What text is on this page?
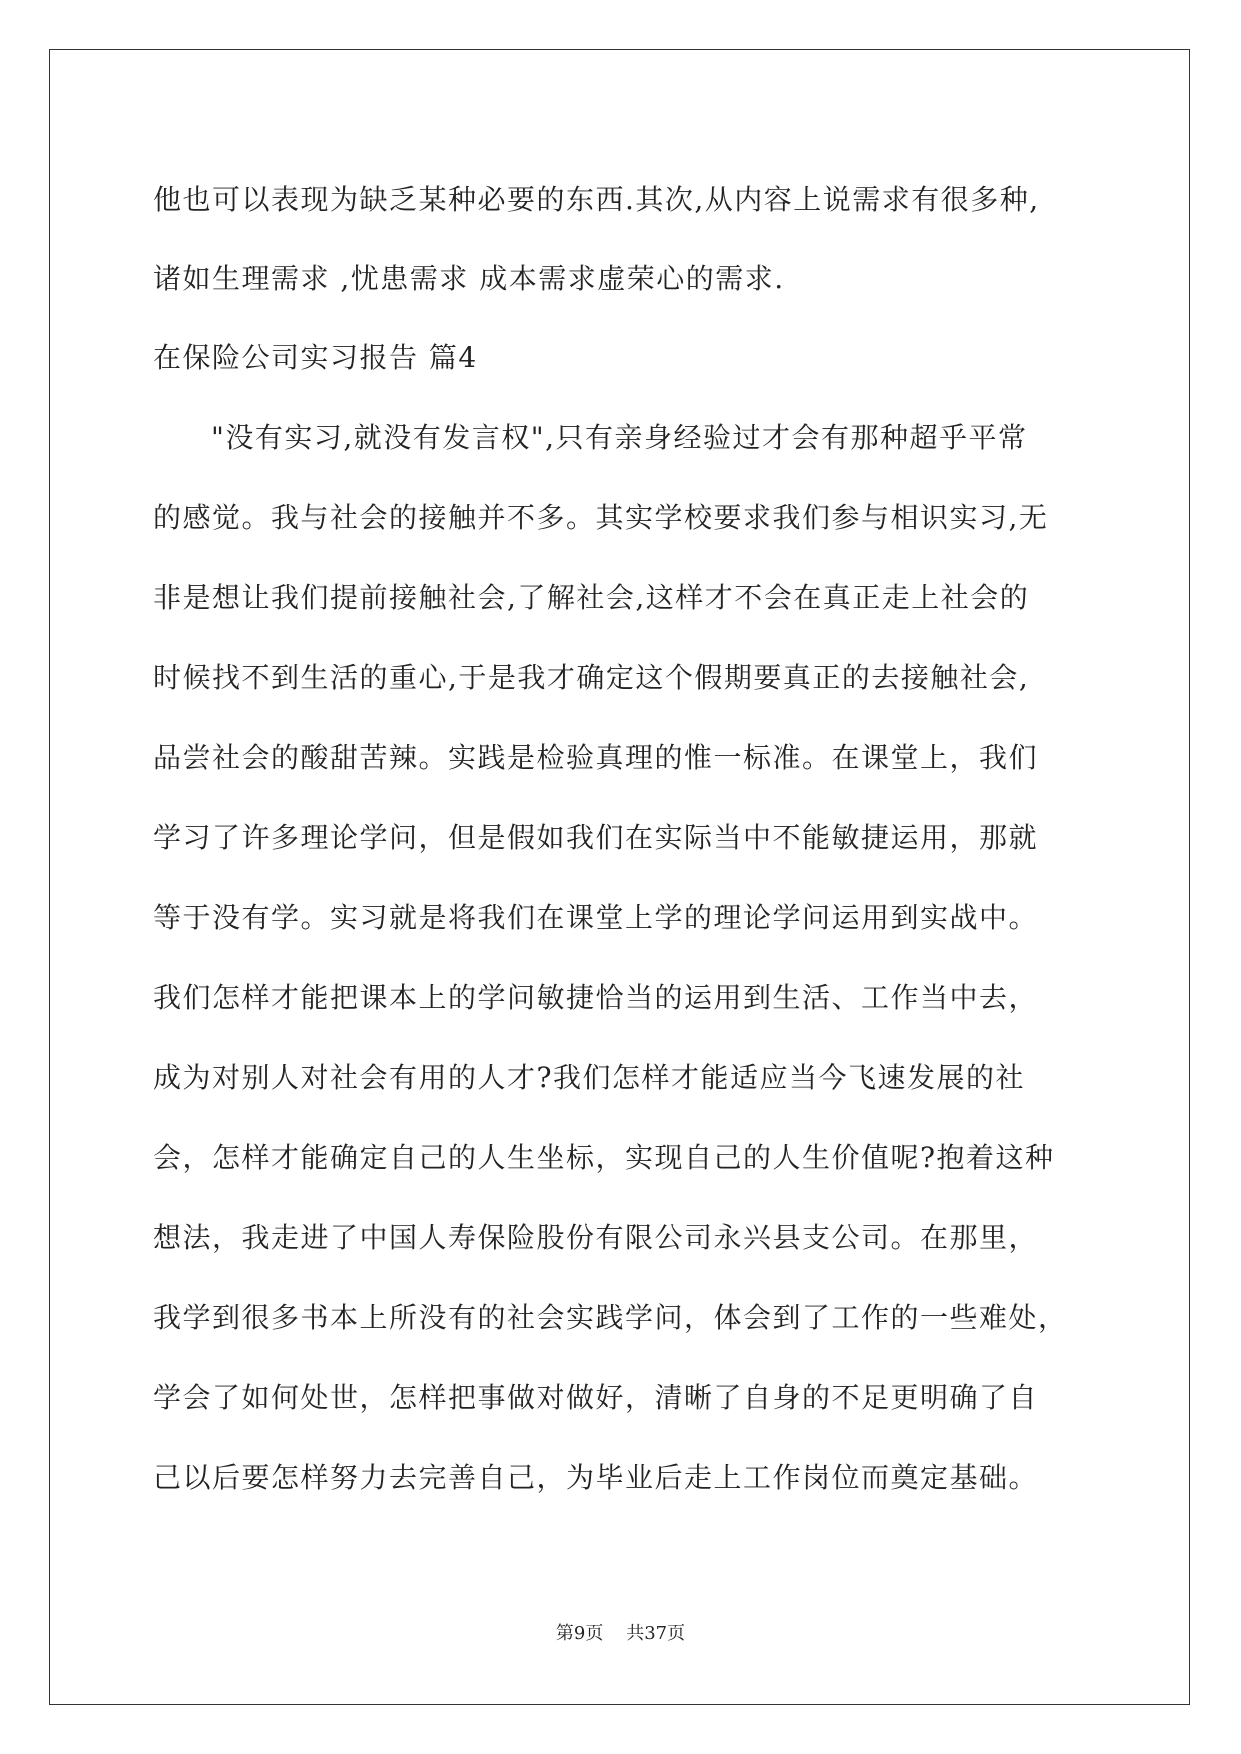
他也可以表现为缺乏某种必要的东西.其次,从内容上说需求有很多种,
诸如生理需求 ,忧患需求 成本需求虚荣心的需求.
在保险公司实习报告 篇4
"没有实习,就没有发言权",只有亲身经验过才会有那种超乎平常
的感觉。我与社会的接触并不多。其实学校要求我们参与相识实习,无
非是想让我们提前接触社会,了解社会,这样才不会在真正走上社会的
时候找不到生活的重心,于是我才确定这个假期要真正的去接触社会,
品尝社会的酸甜苦辣。实践是检验真理的惟一标准。在课堂上，我们
学习了许多理论学问，但是假如我们在实际当中不能敏捷运用，那就
等于没有学。实习就是将我们在课堂上学的理论学问运用到实战中。
我们怎样才能把课本上的学问敏捷恰当的运用到生活、工作当中去，
成为对别人对社会有用的人才?我们怎样才能适应当今飞速发展的社
会，怎样才能确定自己的人生坐标，实现自己的人生价值呢?抱着这种
想法，我走进了中国人寿保险股份有限公司永兴县支公司。在那里，
我学到很多书本上所没有的社会实践学问，体会到了工作的一些难处，
学会了如何处世，怎样把事做对做好，清晰了自身的不足更明确了自
己以后要怎样努力去完善自己，为毕业后走上工作岗位而奠定基础。
第9页 共37页
